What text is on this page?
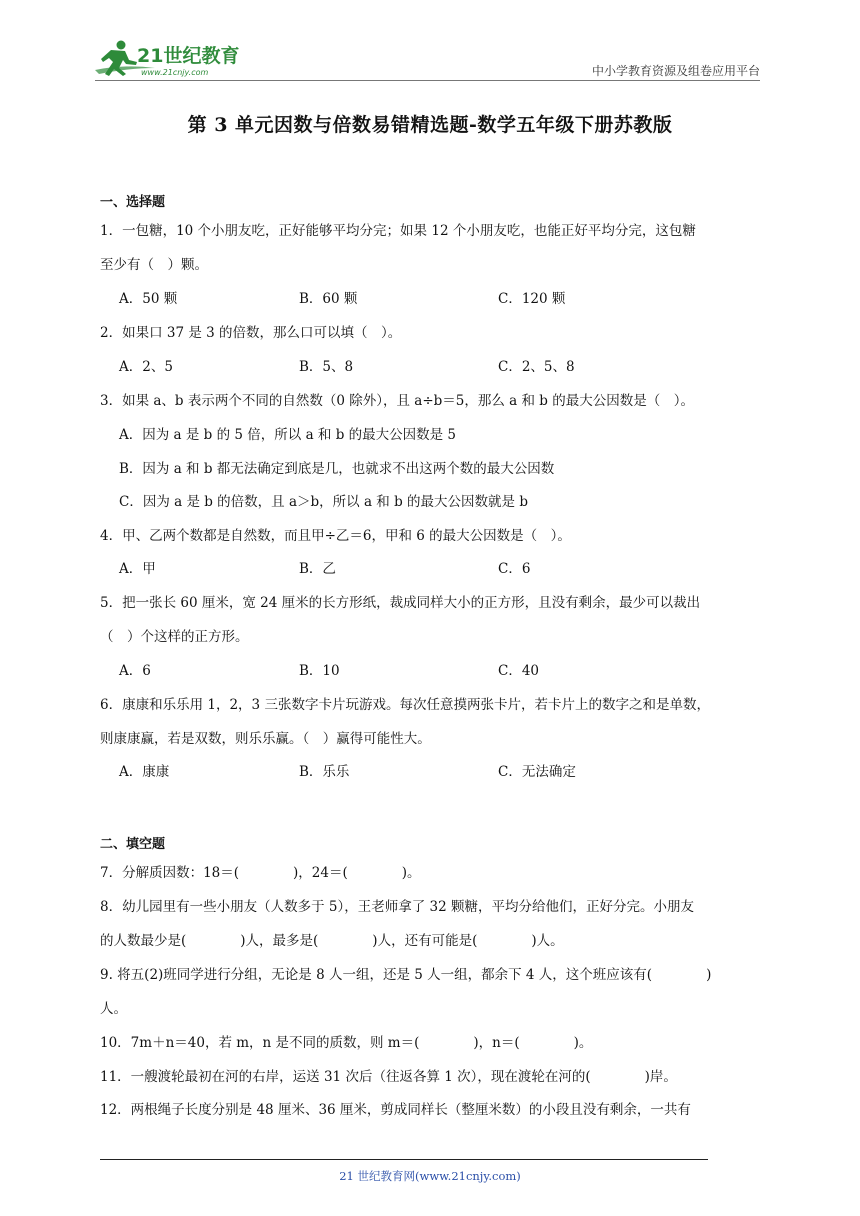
21世纪教育
www.21cnjy.com	中小学教育资源及组卷应用平台
第 3 单元因数与倍数易错精选题-数学五年级下册苏教版
一、选择题
1．一包糖，10 个小朋友吃，正好能够平均分完；如果 12 个小朋友吃，也能正好平均分完，这包糖
至少有（　）颗。
A．50 颗	B．60 颗	C．120 颗
2．如果口 37 是 3 的倍数，那么口可以填（　）。
A．2、5	B．5、8	C．2、5、8
3．如果 a、b 表示两个不同的自然数（0 除外），且 a÷b＝5，那么 a 和 b 的最大公因数是（　）。
A．因为 a 是 b 的 5 倍，所以 a 和 b 的最大公因数是 5
B．因为 a 和 b 都无法确定到底是几，也就求不出这两个数的最大公因数
C．因为 a 是 b 的倍数，且 a＞b，所以 a 和 b 的最大公因数就是 b
4．甲、乙两个数都是自然数，而且甲÷乙＝6，甲和 6 的最大公因数是（　）。
A．甲	B．乙	C．6
5．把一张长 60 厘米，宽 24 厘米的长方形纸，裁成同样大小的正方形，且没有剩余，最少可以裁出
（　）个这样的正方形。
A．6	B．10	C．40
6．康康和乐乐用 1，2，3 三张数字卡片玩游戏。每次任意摸两张卡片，若卡片上的数字之和是单数，
则康康赢，若是双数，则乐乐赢。（　）赢得可能性大。
A．康康	B．乐乐	C．无法确定
二、填空题
7．分解质因数：18＝(　　　　)，24＝(　　　　)。
8．幼儿园里有一些小朋友（人数多于 5），王老师拿了 32 颗糖，平均分给他们，正好分完。小朋友
的人数最少是(　　　　)人，最多是(　　　　)人，还有可能是(　　　　)人。
9. 将五(2)班同学进行分组，无论是 8 人一组，还是 5 人一组，都余下 4 人，这个班应该有(　　　　)
人。
10．7m＋n＝40，若 m，n 是不同的质数，则 m＝(　　　　)，n＝(　　　　)。
11．一艘渡轮最初在河的右岸，运送 31 次后（往返各算 1 次），现在渡轮在河的(　　　　)岸。
12．两根绳子长度分别是 48 厘米、36 厘米，剪成同样长（整厘米数）的小段且没有剩余，一共有
21 世纪教育网(www.21cnjy.com)
